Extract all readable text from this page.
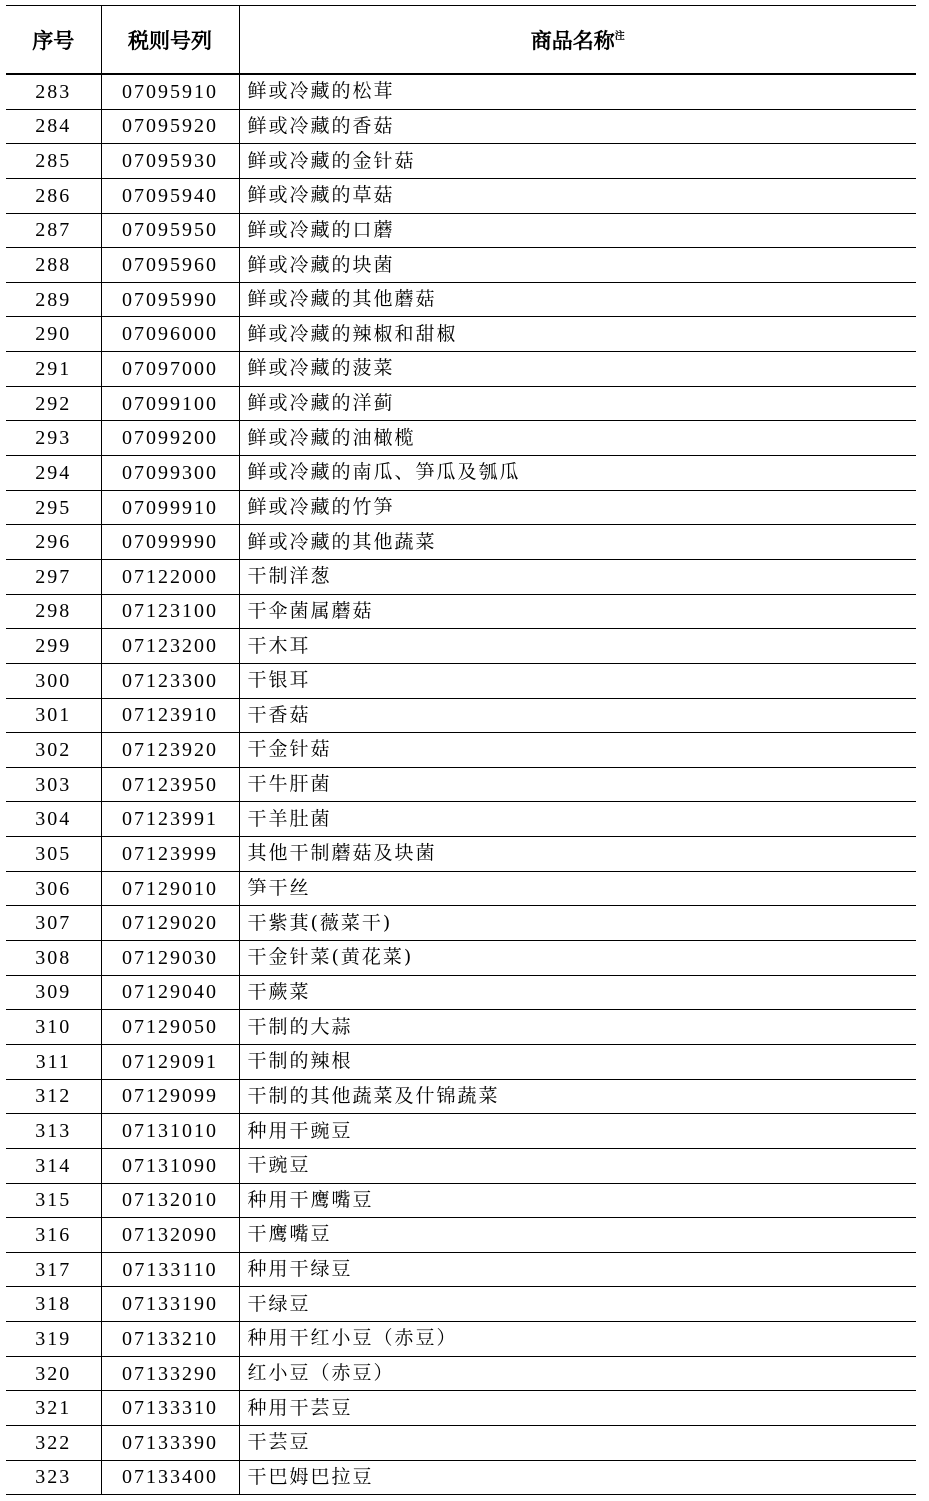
序号	税则号列	商品名称$^注$
283	07095910	鲜或冷藏的松茸
284	07095920	鲜或冷藏的香菇
285	07095930	鲜或冷藏的金针菇
286	07095940	鲜或冷藏的草菇
287	07095950	鲜或冷藏的口蘑
288	07095960	鲜或冷藏的块菌
289	07095990	鲜或冷藏的其他蘑菇
290	07096000	鲜或冷藏的辣椒和甜椒
291	07097000	鲜或冷藏的菠菜
292	07099100	鲜或冷藏的洋蓟
293	07099200	鲜或冷藏的油橄榄
294	07099300	鲜或冷藏的南瓜、笋瓜及瓠瓜
295	07099910	鲜或冷藏的竹笋
296	07099990	鲜或冷藏的其他蔬菜
297	07122000	干制洋葱
298	07123100	干伞菌属蘑菇
299	07123200	干木耳
300	07123300	干银耳
301	07123910	干香菇
302	07123920	干金针菇
303	07123950	干牛肝菌
304	07123991	干羊肚菌
305	07123999	其他干制蘑菇及块菌
306	07129010	笋干丝
307	07129020	干紫萁(薇菜干)
308	07129030	干金针菜(黄花菜)
309	07129040	干蕨菜
310	07129050	干制的大蒜
311	07129091	干制的辣根
312	07129099	干制的其他蔬菜及什锦蔬菜
313	07131010	种用干豌豆
314	07131090	干豌豆
315	07132010	种用干鹰嘴豆
316	07132090	干鹰嘴豆
317	07133110	种用干绿豆
318	07133190	干绿豆
319	07133210	种用干红小豆（赤豆）
320	07133290	红小豆（赤豆）
321	07133310	种用干芸豆
322	07133390	干芸豆
323	07133400	干巴姆巴拉豆
